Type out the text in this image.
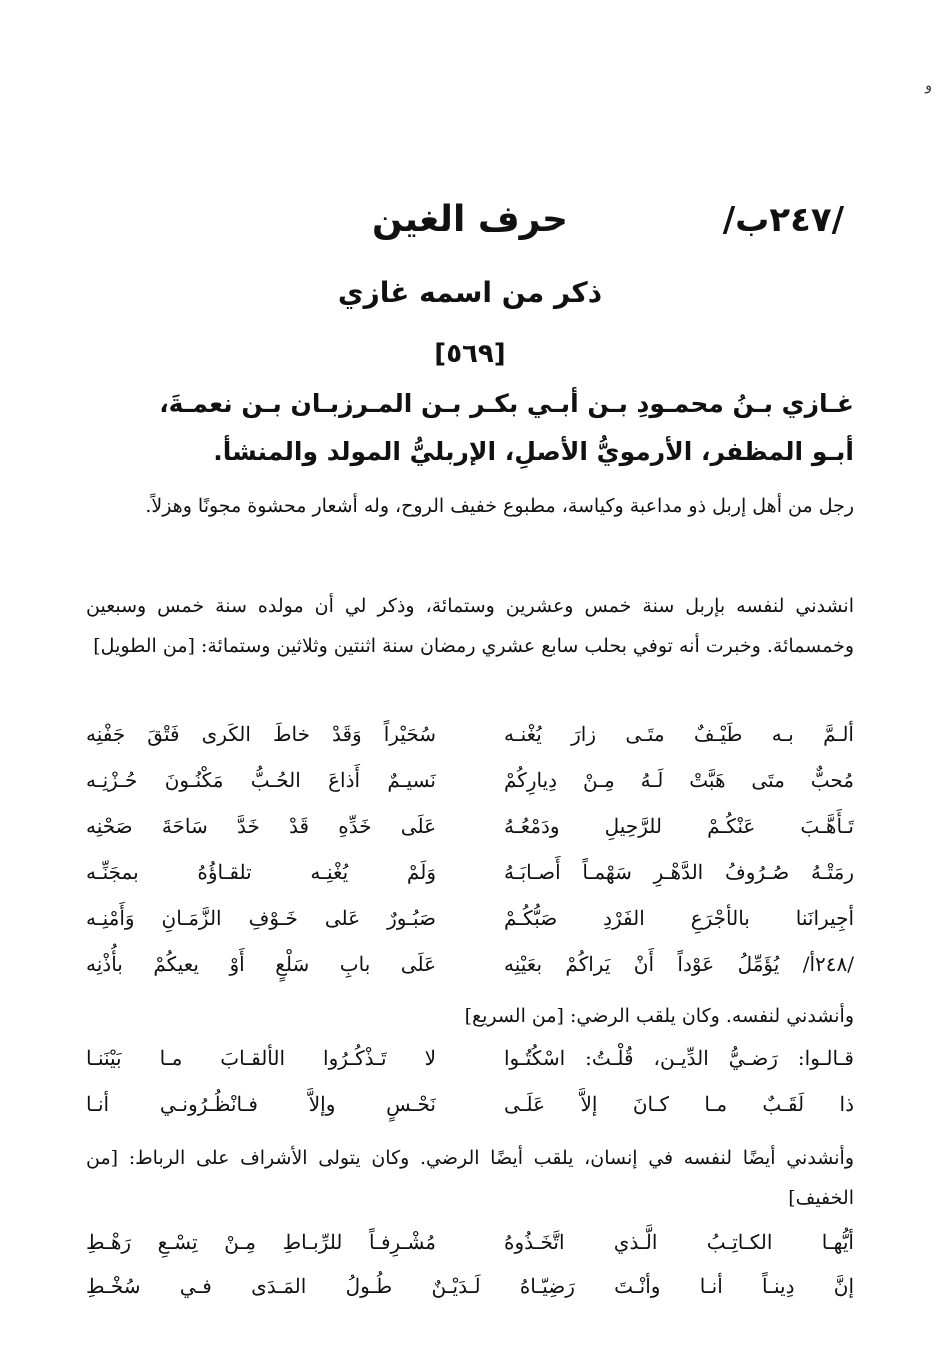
و
/٢٤٧ب/
حرف الغين
ذكر من اسمه غازي
[٥٦٩]
غـازي بـنُ محمـودِ بـن أبـي بكـر بـن المـرزبـان بـن نعمـةَ،
أبـو المظفر، الأرمويُّ الأصلِ، الإربليُّ المولد والمنشأ.
رجل من أهل إربل ذو مداعبة وكياسة، مطبوع خفيف الروح، وله أشعار محشوة مجونًا وهزلاً.
انشدني لنفسه بإربل سنة خمس وعشرين وستمائة، وذكر لي أن مولده سنة خمس وسبعين وخمسمائة. وخبرت أنه توفي بحلب سابع عشري رمضان سنة اثنتين وثلاثين وستمائة: [من الطويل]
ألـمَّ بـه طَيْـفٌ متَـى زارَ يُغْنـه
سُحَيْراً وَقَدْ خاطَ الكَرى فَتْقَ جَفْنِه
مُحبٌّ متَى هَبَّتْ لَـهُ مِـنْ دِيارِكُمْ
نَسيـمٌ أَذاعَ الحُـبُّ مَكْنُـونَ حُـزْنِـه
تَـأَهَّـبَ عَنْكُـمْ للرَّحِيلِ ودَمْعُـهُ
عَلَى خَدِّهِ قَدْ خَدَّ سَاحَةَ صَحْنِه
رمَتْـهُ صُـرُوفُ الدَّهْـرِ سَهْمـاً أَصـابَـهُ
وَلَمْ يُغْنِـه تلقـاؤُهُ بمجَنِّـه
أجِيرانَنا بالأجْرَعِ الفَرْدِ صَبُّكُـمْ
صَبُـورٌ عَلى خَـوْفِ الزَّمَـانِ وَأَمْنِـه
/٢٤٨أ/ يُؤَمِّلُ عَوْداً أَنْ يَراكُمْ بعَيْنِه
عَلَى بابِ سَلْعٍ أَوْ يعيكُمْ بأُذْنِه
وأنشدني لنفسه. وكان يلقب الرضي: [من السريع]
قـالـوا: رَضـيُّ الدِّيـن، قُلْـتُ: اسْكُتُـوا
لا تَـذْكُـرُوا الألقـابَ مـا بَيْنَنـا
ذا لَقَـبٌ مـا كـانَ إلاَّ عَلَـى
نَحْـسٍ وإلاَّ فـانْظُـرُونـي أنـا
وأنشدني أيضًا لنفسه في إنسان، يلقب أيضًا الرضي. وكان يتولى الأشراف على الرباط: [من الخفيف]
أيُّهـا الكـاتِـبُ الَّـذي اتَّخَـذُوهُ
مُشْـرِفـاً للرِّبـاطِ مِـنْ تِسْـعِ رَهْـطِ
إنَّ دِينـاً أنـا وأنْـتَ رَضِيّـاهُ لَـدَيْـنٌ طُـولُ المَـدَى فـي سُخْـطِ
